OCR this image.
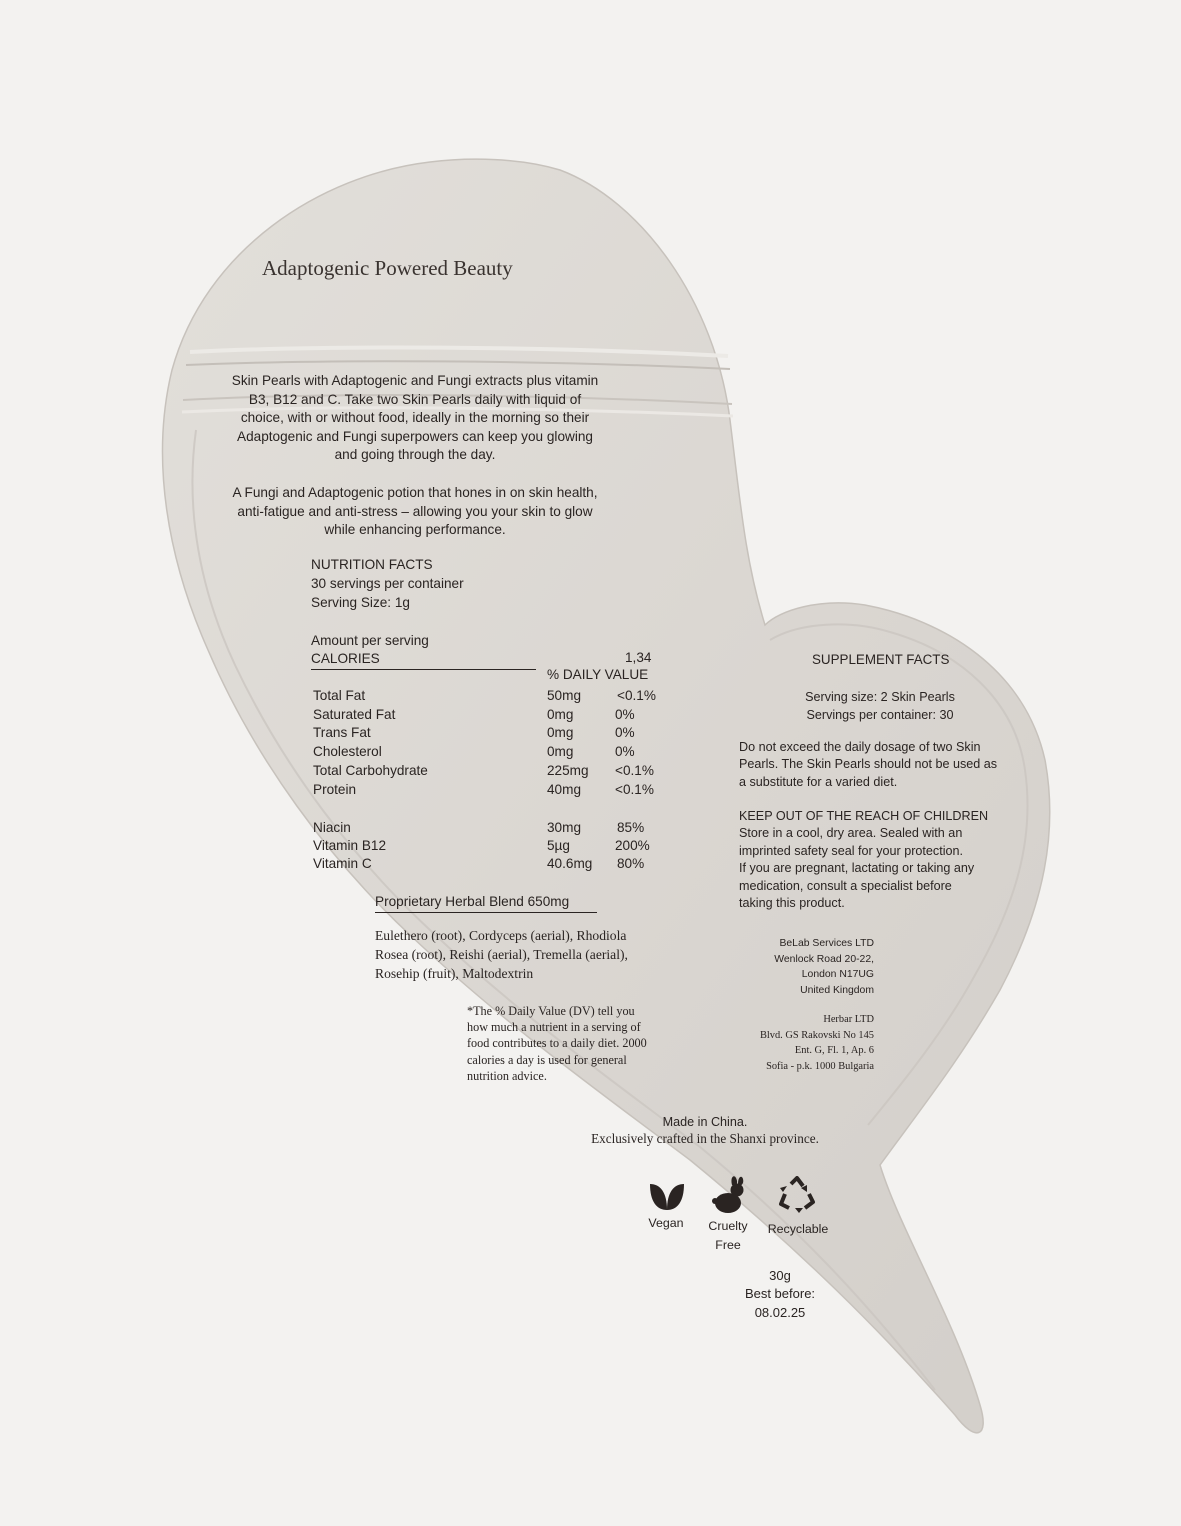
Adaptogenic Powered Beauty
Skin Pearls with Adaptogenic and Fungi extracts plus vitamin
B3, B12 and C. Take two Skin Pearls daily with liquid of
choice, with or without food, ideally in the morning so their
Adaptogenic and Fungi superpowers can keep you glowing
and going through the day.
A Fungi and Adaptogenic potion that hones in on skin health,
anti-fatigue and anti-stress – allowing you your skin to glow
while enhancing performance.
NUTRITION FACTS
30 servings per container
Serving Size: 1g
Amount per serving
CALORIES	1,34
% DAILY VALUE
Total Fat	50mg	<0.1%
Saturated Fat	0mg	0%
Trans Fat	0mg	0%
Cholesterol	0mg	0%
Total Carbohydrate	225mg <0.1%
Protein	40mg <0.1%
Niacin	30mg	85%
Vitamin B12	5µg	200%
Vitamin C	40.6mg 80%
Proprietary Herbal Blend 650mg
Eulethero (root), Cordyceps (aerial), Rhodiola
Rosea (root), Reishi (aerial), Tremella (aerial),
Rosehip (fruit), Maltodextrin
*The % Daily Value (DV) tell you
how much a nutrient in a serving of
food contributes to a daily diet. 2000
calories a day is used for general
nutrition advice.
SUPPLEMENT FACTS
Serving size: 2 Skin Pearls
Servings per container: 30
Do not exceed the daily dosage of two Skin
Pearls. The Skin Pearls should not be used as
a substitute for a varied diet.
KEEP OUT OF THE REACH OF CHILDREN
Store in a cool, dry area. Sealed with an
imprinted safety seal for your protection.
If you are pregnant, lactating or taking any
medication, consult a specialist before
taking this product.
BeLab Services LTD
Wenlock Road 20-22,
London N17UG
United Kingdom
Herbar LTD
Blvd. GS Rakovski No 145
Ent. G, Fl. 1, Ap. 6
Sofia - p.k. 1000 Bulgaria
Made in China.
Exclusively crafted in the Shanxi province.
Vegan	Cruelty
Free
Recyclable
30g
Best before:
08.02.25
